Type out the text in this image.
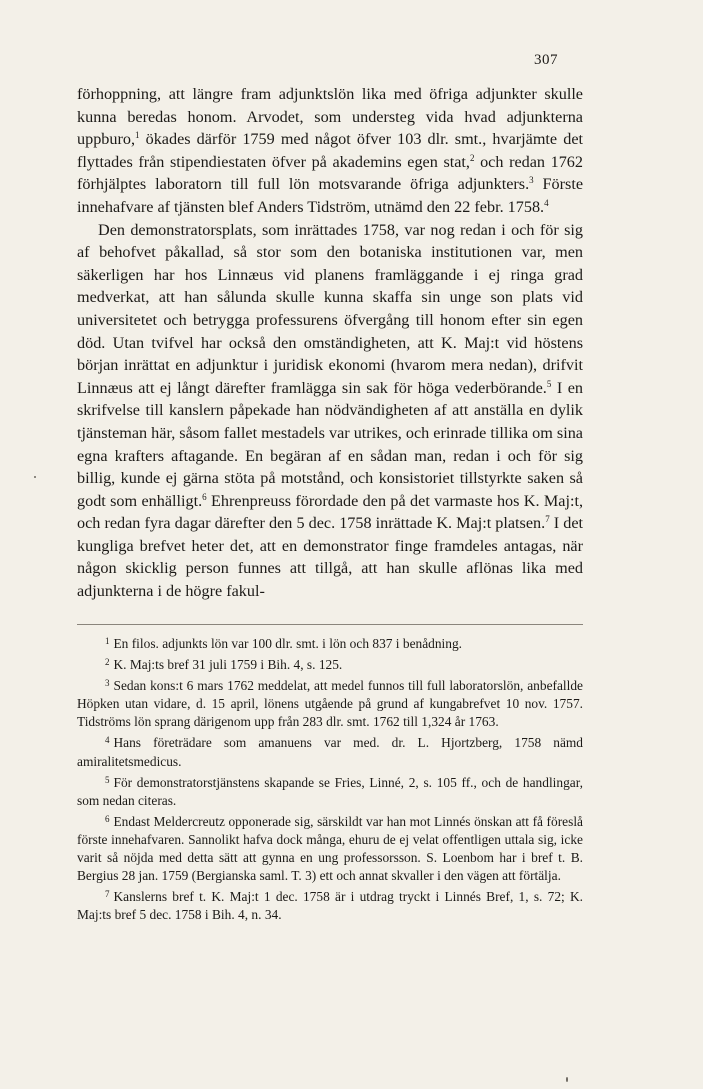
307

förhoppning, att längre fram adjunktslön lika med öfriga adjunkter skulle kunna beredas honom. Arvodet, som understeg vida hvad adjunkterna uppburo,$^1$ ökades därför 1759 med något öfver 103 dlr. smt., hvarjämte det flyttades från stipendiestaten öfver på akademins egen stat,$^2$ och redan 1762 förhjälptes laboratorn till full lön motsvarande öfriga adjunkters.$^3$ Förste innehafvare af tjänsten blef Anders Tidström, utnämd den 22 febr. 1758.$^4$

Den demonstratorsplats, som inrättades 1758, var nog redan i och för sig af behofvet påkallad, så stor som den botaniska institutionen var, men säkerligen har hos Linnæus vid planens framläggande i ej ringa grad medverkat, att han sålunda skulle kunna skaffa sin unge son plats vid universitetet och betrygga professurens öfvergång till honom efter sin egen död. Utan tvifvel har också den omständigheten, att K. Maj:t vid höstens början inrättat en adjunktur i juridisk ekonomi (hvarom mera nedan), drifvit Linnæus att ej långt därefter framlägga sin sak för höga vederbörande.$^5$ I en skrifvelse till kanslern påpekade han nödvändigheten af att anställa en dylik tjänsteman här, såsom fallet mestadels var utrikes, och erinrade tillika om sina egna krafters aftagande. En begäran af en sådan man, redan i och för sig billig, kunde ej gärna stöta på motstånd, och konsistoriet tillstyrkte saken så godt som enhälligt.$^6$ Ehrenpreuss förordade den på det varmaste hos K. Maj:t, och redan fyra dagar därefter den 5 dec. 1758 inrättade K. Maj:t platsen.$^7$ I det kungliga brefvet heter det, att en demonstrator finge framdeles antagas, när någon skicklig person funnes att tillgå, att han skulle aflönas lika med adjunkterna i de högre fakul-

$^1$ En filos. adjunkts lön var 100 dlr. smt. i lön och 837 i benådning.

$^2$ K. Maj:ts bref 31 juli 1759 i Bih. 4, s. 125.

$^3$ Sedan kons:t 6 mars 1762 meddelat, att medel funnos till full laboratorslön, anbefallde Höpken utan vidare, d. 15 april, lönens utgående på grund af kungabrefvet 10 nov. 1757. Tidströms lön sprang därigenom upp från 283 dlr. smt. 1762 till 1,324 år 1763.

$^4$ Hans företrädare som amanuens var med. dr. L. Hjortzberg, 1758 nämd amiralitetsmedicus.

$^5$ För demonstratorstjänstens skapande se Fries, Linné, 2, s. 105 ff., och de handlingar, som nedan citeras.

$^6$ Endast Meldercreutz opponerade sig, särskildt var han mot Linnés önskan att få föreslå förste innehafvaren. Sannolikt hafva dock många, ehuru de ej velat offentligen uttala sig, icke varit så nöjda med detta sätt att gynna en ung professorsson. S. Loenbom har i bref t. B. Bergius 28 jan. 1759 (Bergianska saml. T. 3) ett och annat skvaller i den vägen att förtälja.

$^7$ Kanslerns bref t. K. Maj:t 1 dec. 1758 är i utdrag tryckt i Linnés Bref, 1, s. 72; K. Maj:ts bref 5 dec. 1758 i Bih. 4, n. 34.
